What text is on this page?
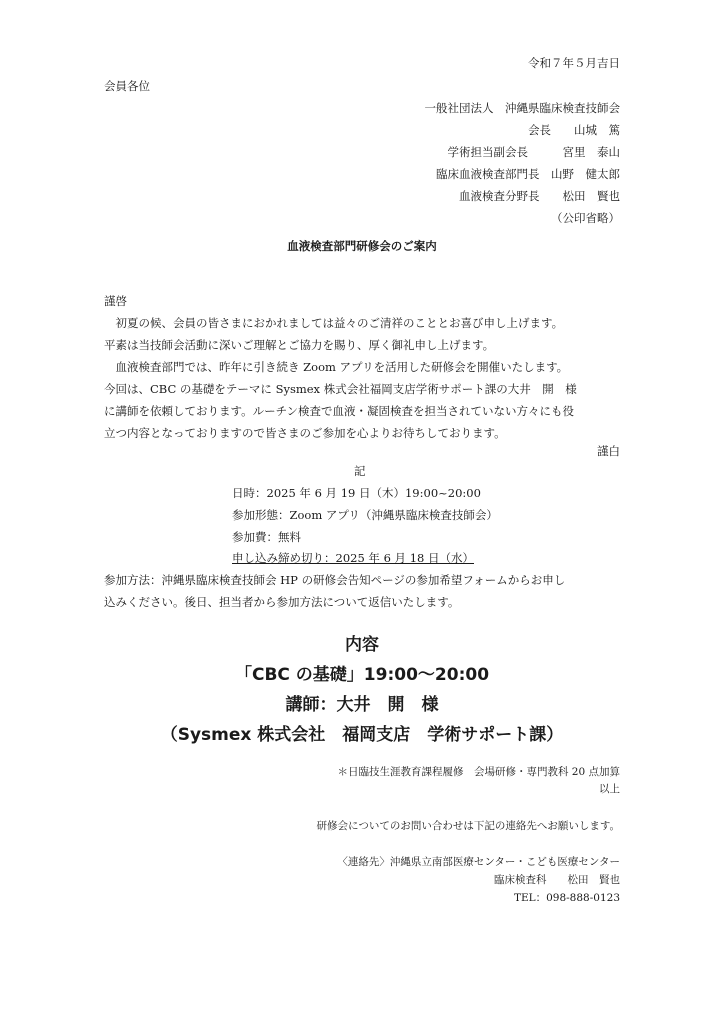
令和７年５月吉日
会員各位
一般社団法人　沖縄県臨床検査技師会
会長　　山城　篤
学術担当副会長　　　宮里　泰山
臨床血液検査部門長　山野　健太郎
血液検査分野長　　松田　賢也
（公印省略）
血液検査部門研修会のご案内
謹啓
　初夏の候、会員の皆さまにおかれましては益々のご清祥のこととお喜び申し上げます。
平素は当技師会活動に深いご理解とご協力を賜り、厚く御礼申し上げます。
　血液検査部門では、昨年に引き続き Zoom アプリを活用した研修会を開催いたします。
今回は、CBC の基礎をテーマに Sysmex 株式会社福岡支店学術サポート課の大井　開　様
に講師を依頼しております。ルーチン検査で血液・凝固検査を担当されていない方々にも役
立つ内容となっておりますので皆さまのご参加を心よりお待ちしております。
謹白
記
日時：2025 年 6 月 19 日（木）19:00~20:00
参加形態：Zoom アプリ（沖縄県臨床検査技師会）
参加費：無料
申し込み締め切り：2025 年 6 月 18 日（水）
参加方法：沖縄県臨床検査技師会 HP の研修会告知ページの参加希望フォームからお申し
込みください。後日、担当者から参加方法について返信いたします。
内容
「CBC の基礎」19:00〜20:00
講師：大井　開　様
（Sysmex 株式会社　福岡支店　学術サポート課）
＊日臨技生涯教育課程履修　会場研修・専門教科 20 点加算
以上
研修会についてのお問い合わせは下記の連絡先へお願いします。
〈連絡先〉沖縄県立南部医療センター・こども医療センター
臨床検査科　　松田　賢也
TEL：098-888-0123
